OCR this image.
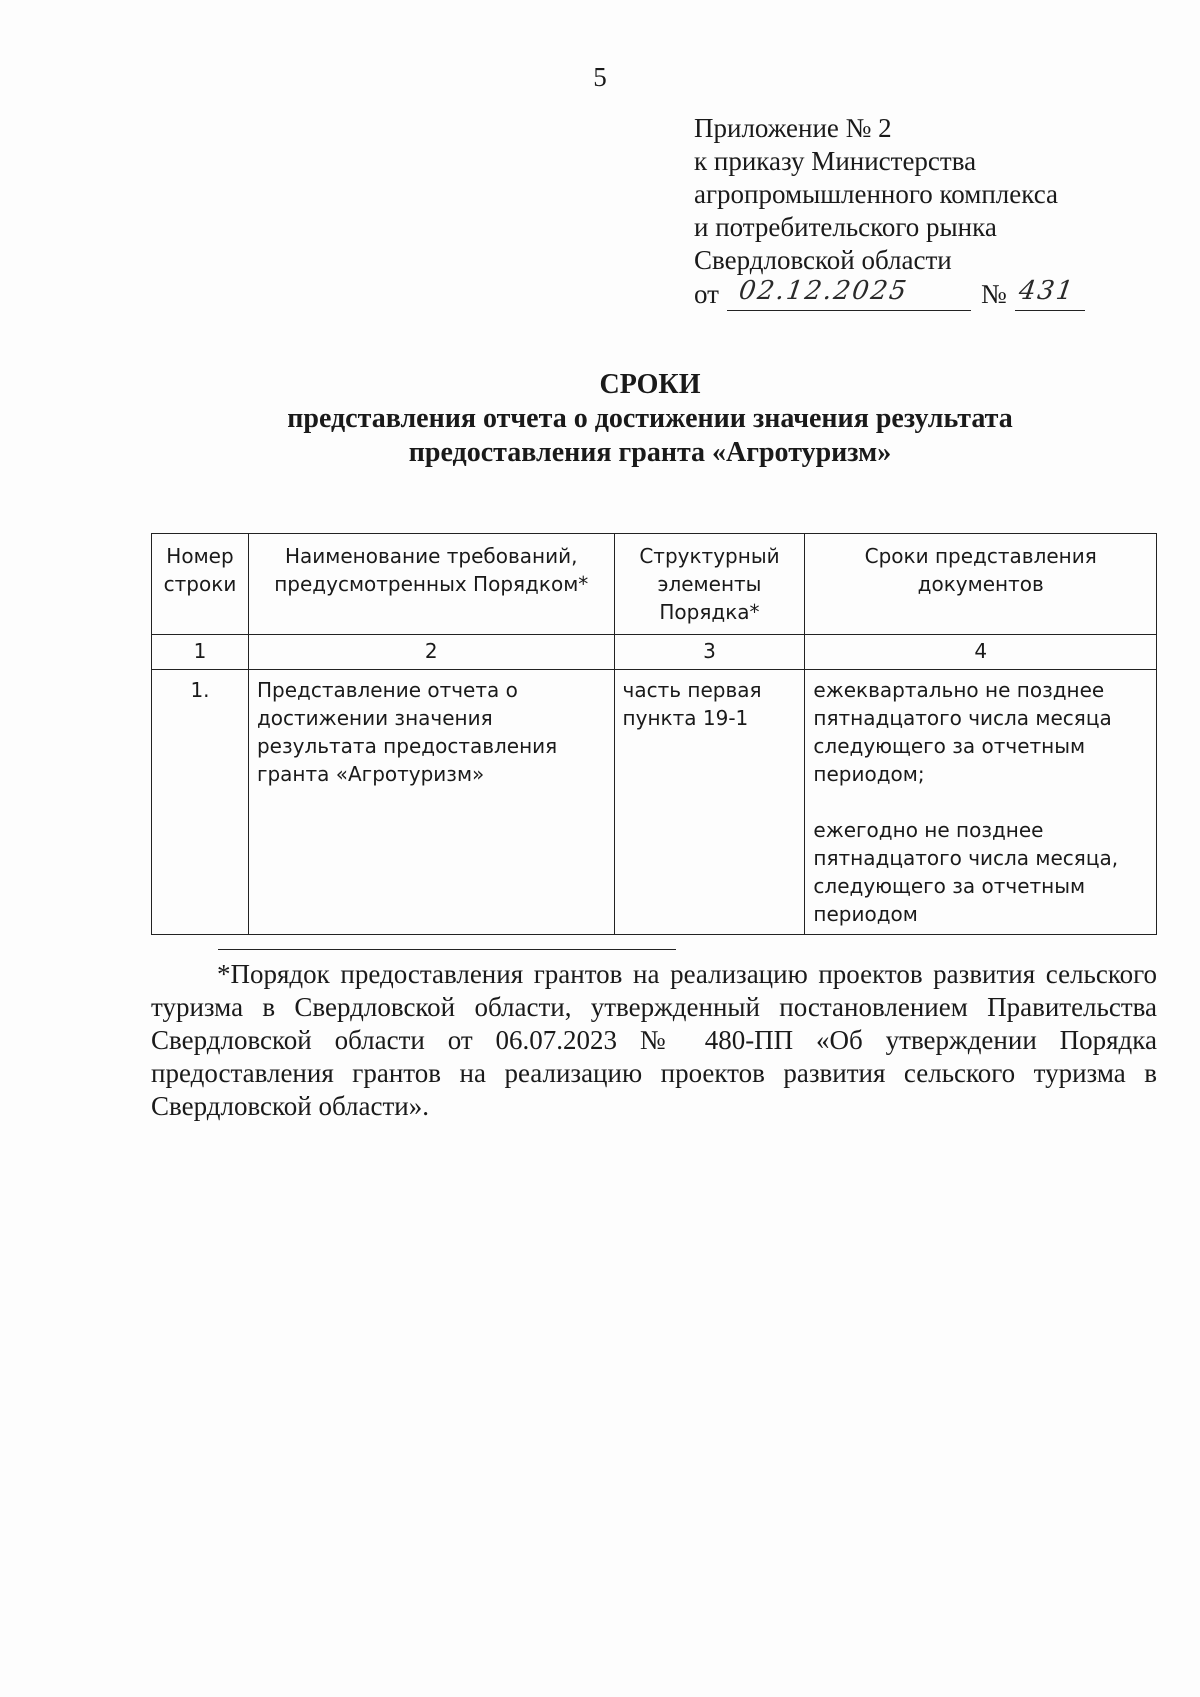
5
Приложение № 2
к приказу Министерства
агропромышленного комплекса
и потребительского рынка
Свердловской области
от 02.12.2025	№ 431
СРОКИ
представления отчета о достижении значения результата
предоставления гранта «Агротуризм»
Номер строки	Наименование требований, предусмотренных Порядком*	Структурный элементы Порядка*	Сроки представления документов
1	2	3	4
1.	Представление отчета о достижении значения результата предоставления гранта «Агротуризм»	часть первая пункта 19-1	ежеквартально не позднее пятнадцатого числа месяца следующего за отчетным периодом;
ежегодно не позднее пятнадцатого числа месяца, следующего за отчетным периодом
*Порядок предоставления грантов на реализацию проектов развития сельского туризма в Свердловской области, утвержденный постановлением Правительства Свердловской области от 06.07.2023 № 480-ПП «Об утверждении Порядка предоставления грантов на реализацию проектов развития сельского туризма в Свердловской области».
